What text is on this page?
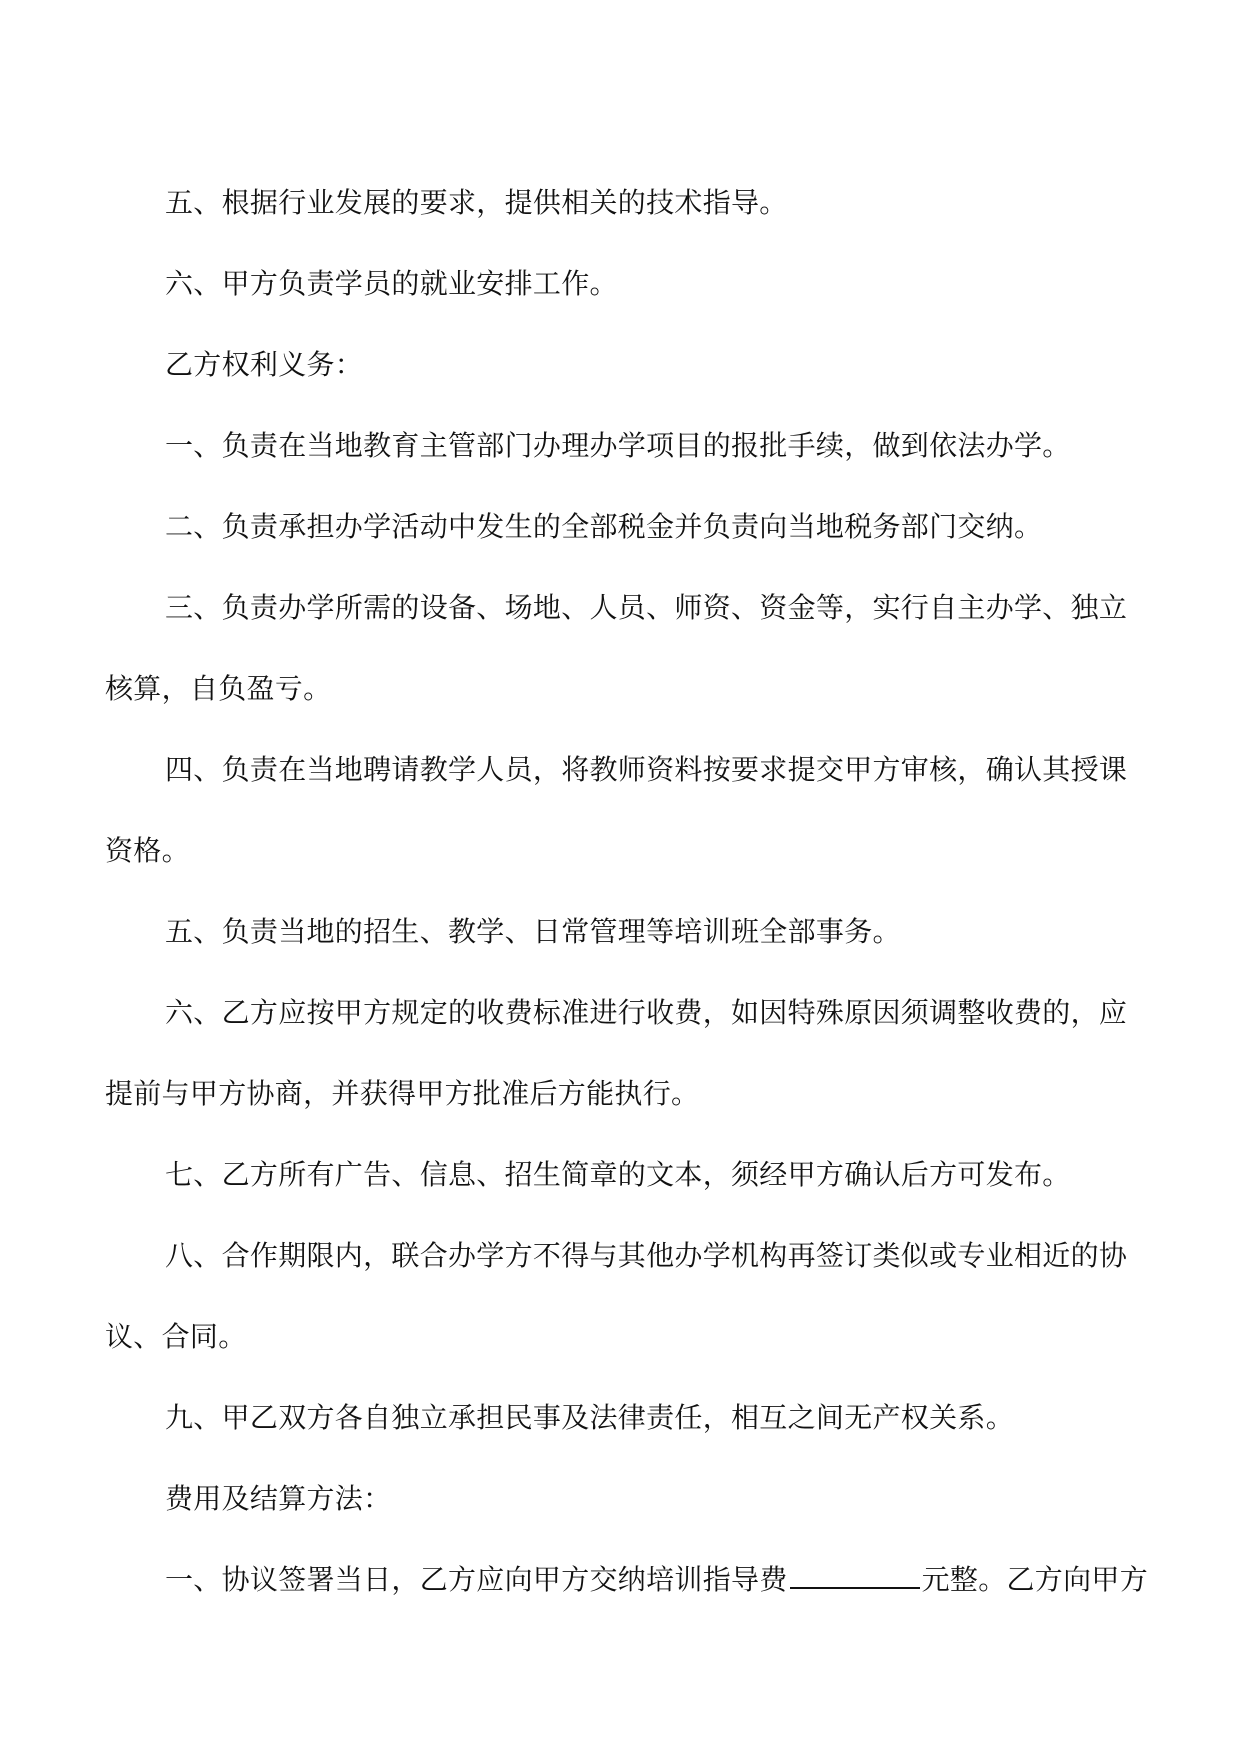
五、根据行业发展的要求，提供相关的技术指导。
六、甲方负责学员的就业安排工作。
乙方权利义务：
一、负责在当地教育主管部门办理办学项目的报批手续，做到依法办学。
二、负责承担办学活动中发生的全部税金并负责向当地税务部门交纳。
三、负责办学所需的设备、场地、人员、师资、资金等，实行自主办学、独立
核算，自负盈亏。
四、负责在当地聘请教学人员，将教师资料按要求提交甲方审核，确认其授课
资格。
五、负责当地的招生、教学、日常管理等培训班全部事务。
六、乙方应按甲方规定的收费标准进行收费，如因特殊原因须调整收费的，应
提前与甲方协商，并获得甲方批准后方能执行。
七、乙方所有广告、信息、招生简章的文本，须经甲方确认后方可发布。
八、合作期限内，联合办学方不得与其他办学机构再签订类似或专业相近的协
议、合同。
九、甲乙双方各自独立承担民事及法律责任，相互之间无产权关系。
费用及结算方法：
一、协议签署当日，乙方应向甲方交纳培训指导费	元整。乙方向甲方
